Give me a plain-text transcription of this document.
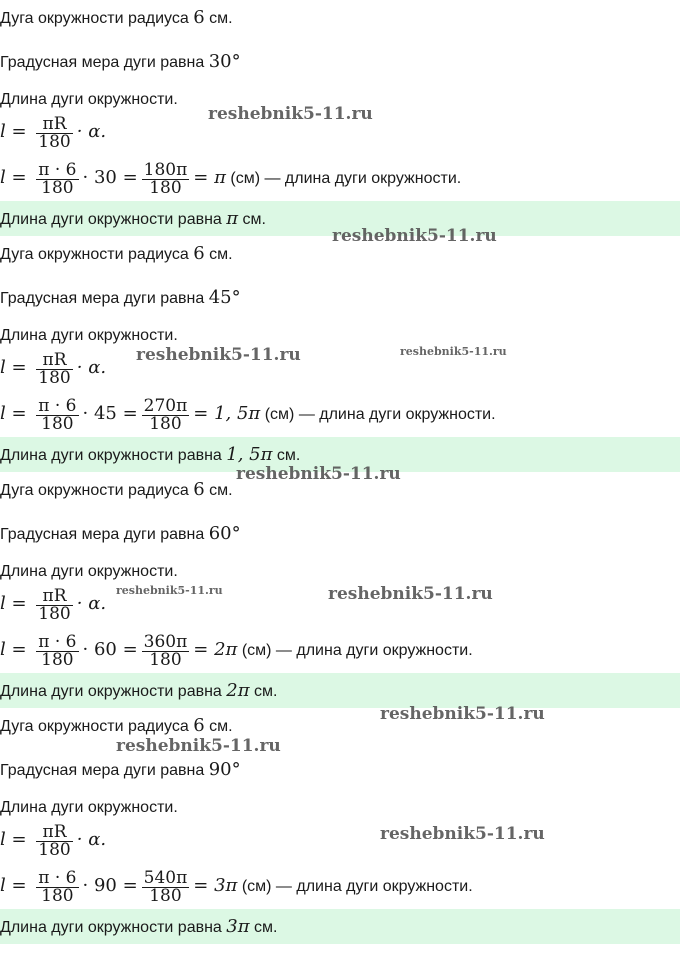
Дуга окружности радиуса 6 см.
Градусная мера дуги равна 30°
Длина дуги окружности.
$l = \frac{\pi R}{180} \cdot \alpha$.
$l = \frac{\pi \cdot 6}{180} \cdot 30 = \frac{180\pi}{180} = \pi$ (см) — длина дуги окружности.
Длина дуги окружности равна π см.
Дуга окружности радиуса 6 см.
Градусная мера дуги равна 45°
Длина дуги окружности.
$l = \frac{\pi R}{180} \cdot \alpha$.
$l = \frac{\pi \cdot 6}{180} \cdot 45 = \frac{270\pi}{180} = 1$, 5π (см) — длина дуги окружности.
Длина дуги окружности равна 1, 5π см.
Дуга окружности радиуса 6 см.
Градусная мера дуги равна 60°
Длина дуги окружности.
$l = \frac{\pi R}{180} \cdot \alpha$.
$l = \frac{\pi \cdot 6}{180} \cdot 60 = \frac{360\pi}{180} = 2\pi$ (см) — длина дуги окружности.
Длина дуги окружности равна 2π см.
Дуга окружности радиуса 6 см.
Градусная мера дуги равна 90°
Длина дуги окружности.
$l = \frac{\pi R}{180} \cdot \alpha$.
$l = \frac{\pi \cdot 6}{180} \cdot 90 = \frac{540\pi}{180} = 3\pi$ (см) — длина дуги окружности.
Длина дуги окружности равна 3π см.
reshebnik5-11.ru
reshebnik5-11.ru
reshebnik5-11.ru	reshebnik5-11.ru
reshebnik5-11.ru
reshebnik5-11.ru	reshebnik5-11.ru
reshebnik5-11.ru
reshebnik5-11.ru
reshebnik5-11.ru
